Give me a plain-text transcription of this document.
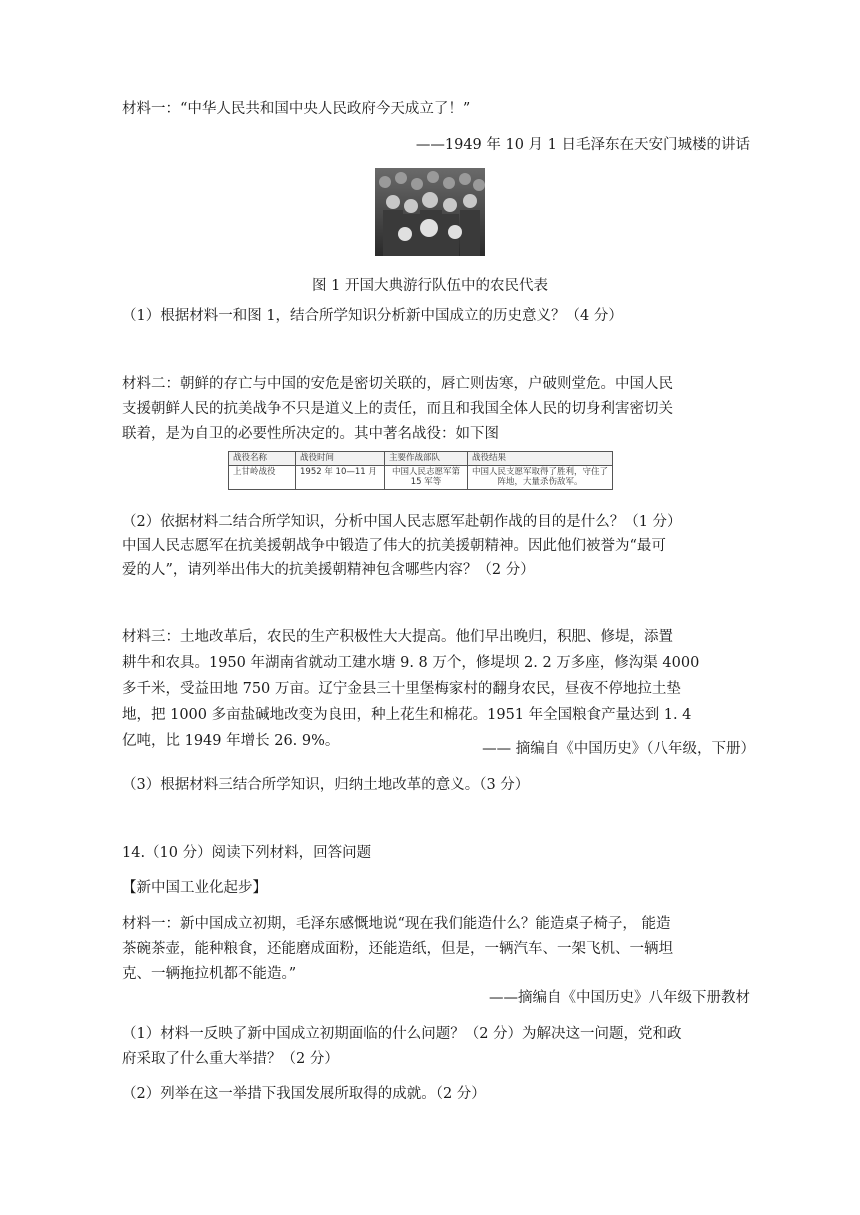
材料一：“中华人民共和国中央人民政府今天成立了！”
——1949 年 10 月 1 日毛泽东在天安门城楼的讲话
图 1 开国大典游行队伍中的农民代表
（1）根据材料一和图 1，结合所学知识分析新中国成立的历史意义？（4 分）
材料二：朝鲜的存亡与中国的安危是密切关联的，唇亡则齿寒，户破则堂危。中国人民
支援朝鲜人民的抗美战争不只是道义上的责任，而且和我国全体人民的切身利害密切关
联着，是为自卫的必要性所决定的。其中著名战役：如下图
战役名称	战役时间	主要作战部队	战役结果
上甘岭战役	1952 年 10—11 月	中国人民志愿军第 15 军等	中国人民支愿军取得了胜利，守住了阵地，大量杀伤敌军。
（2）依据材料二结合所学知识，分析中国人民志愿军赴朝作战的目的是什么？（1 分）
中国人民志愿军在抗美援朝战争中锻造了伟大的抗美援朝精神。因此他们被誉为“最可
爱的人”，请列举出伟大的抗美援朝精神包含哪些内容？（2 分）
材料三：土地改革后，农民的生产积极性大大提高。他们早出晚归，积肥、修堤，添置
耕牛和农具。1950 年湖南省就动工建水塘 9. 8 万个，修堤坝 2. 2 万多座，修沟渠 4000
多千米，受益田地 750 万亩。辽宁金县三十里堡梅家村的翻身农民，昼夜不停地拉土垫
地，把 1000 多亩盐碱地改变为良田，种上花生和棉花。1951 年全国粮食产量达到 1. 4
亿吨，比 1949 年增长 26. 9%。	—— 摘编自《中国历史》（八年级，下册）
（3）根据材料三结合所学知识，归纳土地改革的意义。（3 分）
14.（10 分）阅读下列材料，回答问题
【新中国工业化起步】
材料一：新中国成立初期，毛泽东感慨地说“现在我们能造什么？能造桌子椅子， 能造
茶碗茶壶，能种粮食，还能磨成面粉，还能造纸，但是，一辆汽车、一架飞机、一辆坦
克、一辆拖拉机都不能造。”
——摘编自《中国历史》八年级下册教材
（1）材料一反映了新中国成立初期面临的什么问题？（2 分）为解决这一问题，党和政
府采取了什么重大举措？（2 分）
（2）列举在这一举措下我国发展所取得的成就。（2 分）
